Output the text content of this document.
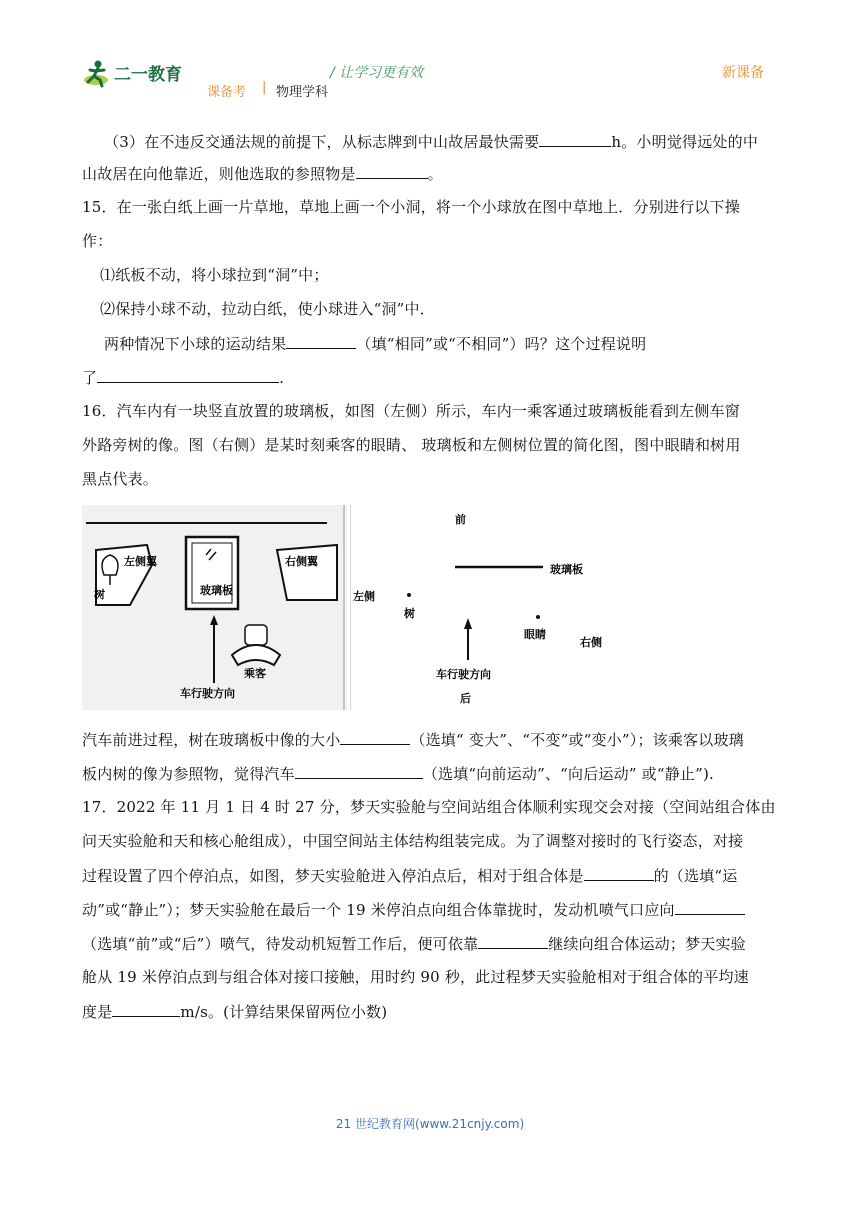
二一教育	/ 让学习更有效	新课备
课备考 | 物理学科
（3）在不违反交通法规的前提下，从标志牌到中山故居最快需要	h。小明觉得远处的中
山故居在向他靠近，则他选取的参照物是	。
15．在一张白纸上画一片草地，草地上画一个小洞，将一个小球放在图中草地上．分别进行以下操
作：
⑴纸板不动，将小球拉到“洞”中；
⑵保持小球不动，拉动白纸，使小球进入“洞”中．
两种情况下小球的运动结果	（填“相同”或“不相同”）吗？这个过程说明
了	.
16．汽车内有一块竖直放置的玻璃板，如图（左侧）所示，车内一乘客通过玻璃板能看到左侧车窗
外路旁树的像。图（右侧）是某时刻乘客的眼睛、 玻璃板和左侧树位置的简化图，图中眼睛和树用
黑点代表。
左侧翼
树	玻璃板
右侧翼
乘客
车行驶方向
前
玻璃板
左侧
树
眼睛
右侧
车行驶方向
后
汽车前进过程，树在玻璃板中像的大小	（选填“ 变大”、“不变”或“变小”）；该乘客以玻璃
板内树的像为参照物，觉得汽车	（选填“向前运动”、“向后运动” 或“静止”).
17．2022 年 11 月 1 日 4 时 27 分，梦天实验舱与空间站组合体顺利实现交会对接（空间站组合体由
问天实验舱和天和核心舱组成），中国空间站主体结构组装完成。为了调整对接时的飞行姿态，对接
过程设置了四个停泊点，如图，梦天实验舱进入停泊点后，相对于组合体是	的（选填“运
动”或“静止”）；梦天实验舱在最后一个 19 米停泊点向组合体靠拢时，发动机喷气口应向
（选填“前”或“后”）喷气，待发动机短暂工作后，便可依靠	继续向组合体运动；梦天实验
舱从 19 米停泊点到与组合体对接口接触，用时约 90 秒，此过程梦天实验舱相对于组合体的平均速
度是	m/s。(计算结果保留两位小数)
21 世纪教育网(www.21cnjy.com)
